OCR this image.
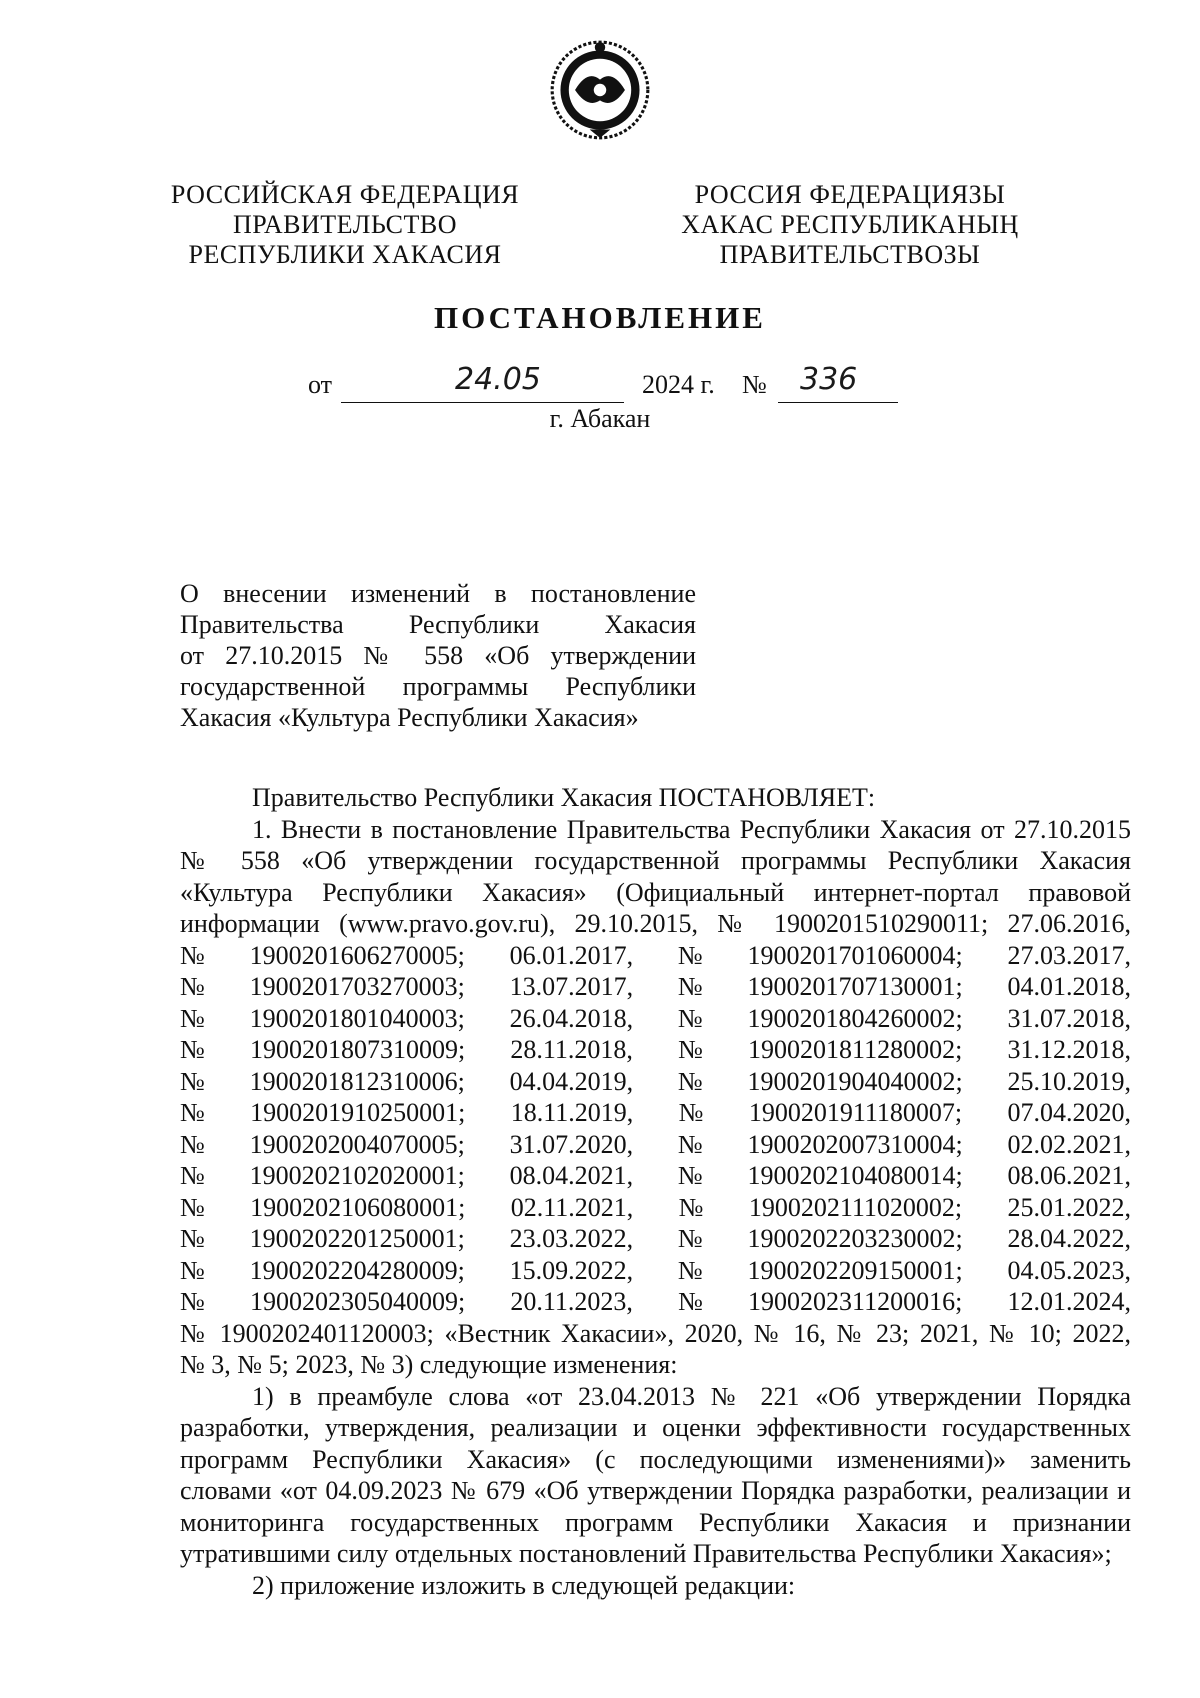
РОССИЙСКАЯ ФЕДЕРАЦИЯ
ПРАВИТЕЛЬСТВО
РЕСПУБЛИКИ ХАКАСИЯ
РОССИЯ ФЕДЕРАЦИЯЗЫ
ХАКАС РЕСПУБЛИКАНЫҢ
ПРАВИТЕЛЬСТВОЗЫ
ПОСТАНОВЛЕНИЕ
от	24.05	2024 г. № 336
г. Абакан
О внесении изменений в постановление
Правительства Республики Хакасия
от 27.10.2015 № 558 «Об утверждении
государственной программы Республики
Хакасия «Культура Республики Хакасия»
Правительство Республики Хакасия ПОСТАНОВЛЯЕТ:
1. Внести в постановление Правительства Республики Хакасия от 27.10.2015
№ 558 «Об утверждении государственной программы Республики Хакасия
«Культура Республики Хакасия» (Официальный интернет-портал правовой
информации (www.pravo.gov.ru), 29.10.2015, № 1900201510290011; 27.06.2016,
№ 1900201606270005; 06.01.2017, № 1900201701060004; 27.03.2017,
№ 1900201703270003; 13.07.2017, № 1900201707130001; 04.01.2018,
№ 1900201801040003; 26.04.2018, № 1900201804260002; 31.07.2018,
№ 1900201807310009; 28.11.2018, № 1900201811280002; 31.12.2018,
№ 1900201812310006; 04.04.2019, № 1900201904040002; 25.10.2019,
№ 1900201910250001; 18.11.2019, № 1900201911180007; 07.04.2020,
№ 1900202004070005; 31.07.2020, № 1900202007310004; 02.02.2021,
№ 1900202102020001; 08.04.2021, № 1900202104080014; 08.06.2021,
№ 1900202106080001; 02.11.2021, № 1900202111020002; 25.01.2022,
№ 1900202201250001; 23.03.2022, № 1900202203230002; 28.04.2022,
№ 1900202204280009; 15.09.2022, № 1900202209150001; 04.05.2023,
№ 1900202305040009; 20.11.2023, № 1900202311200016; 12.01.2024,
№ 1900202401120003; «Вестник Хакасии», 2020, № 16, № 23; 2021, № 10; 2022,
№ 3, № 5; 2023, № 3) следующие изменения:
1) в преамбуле слова «от 23.04.2013 № 221 «Об утверждении Порядка
разработки, утверждения, реализации и оценки эффективности государственных
программ Республики Хакасия» (с последующими изменениями)» заменить
словами «от 04.09.2023 № 679 «Об утверждении Порядка разработки, реализации и
мониторинга государственных программ Республики Хакасия и признании
утратившими силу отдельных постановлений Правительства Республики Хакасия»;
2) приложение изложить в следующей редакции:
